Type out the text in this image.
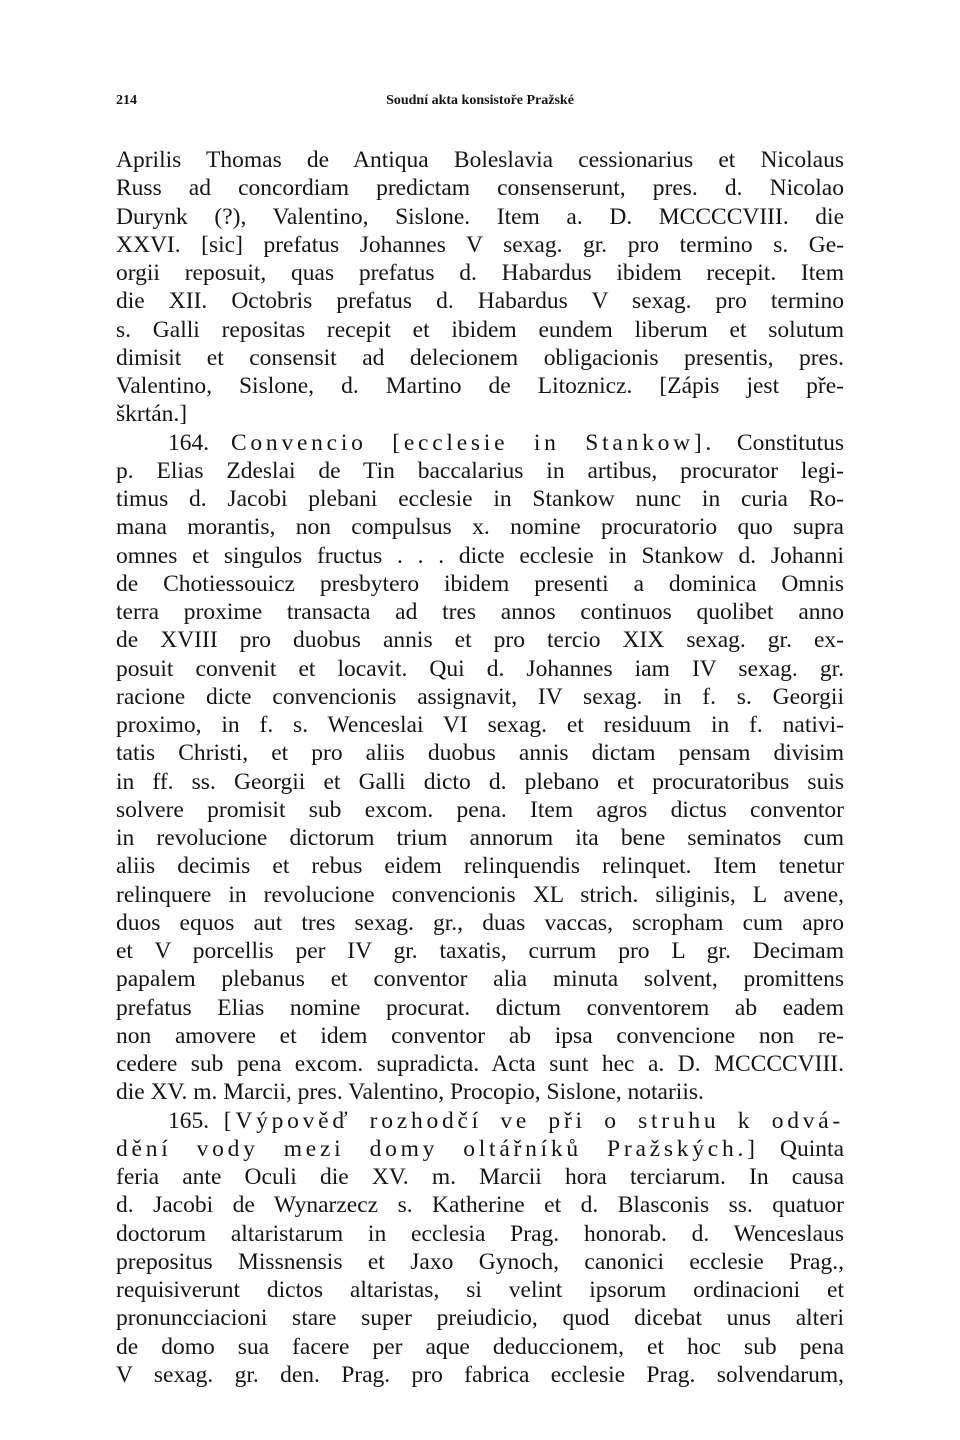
214	Soudní akta konsistoře Pražské
Aprilis Thomas de Antiqua Boleslavia cessionarius et Nicolaus
Russ ad concordiam predictam consenserunt, pres. d. Nicolao
Durynk (?), Valentino, Sislone. Item a. D. MCCCCVIII. die
XXVI. [sic] prefatus Johannes V sexag. gr. pro termino s. Ge-
orgii reposuit, quas prefatus d. Habardus ibidem recepit. Item
die XII. Octobris prefatus d. Habardus V sexag. pro termino
s. Galli repositas recepit et ibidem eundem liberum et solutum
dimisit et consensit ad delecionem obligacionis presentis, pres.
Valentino, Sislone, d. Martino de Litoznicz. [Zápis jest pře-
škrtán.]
164. Convencio [ecclesie in Stankow]. Constitutus
p. Elias Zdeslai de Tin baccalarius in artibus, procurator legi-
timus d. Jacobi plebani ecclesie in Stankow nunc in curia Ro-
mana morantis, non compulsus x. nomine procuratorio quo supra
omnes et singulos fructus . . . dicte ecclesie in Stankow d. Johanni
de Chotiessouicz presbytero ibidem presenti a dominica Omnis
terra proxime transacta ad tres annos continuos quolibet anno
de XVIII pro duobus annis et pro tercio XIX sexag. gr. ex-
posuit convenit et locavit. Qui d. Johannes iam IV sexag. gr.
racione dicte convencionis assignavit, IV sexag. in f. s. Georgii
proximo, in f. s. Wenceslai VI sexag. et residuum in f. nativi-
tatis Christi, et pro aliis duobus annis dictam pensam divisim
in ff. ss. Georgii et Galli dicto d. plebano et procuratoribus suis
solvere promisit sub excom. pena. Item agros dictus conventor
in revolucione dictorum trium annorum ita bene seminatos cum
aliis decimis et rebus eidem relinquendis relinquet. Item tenetur
relinquere in revolucione convencionis XL strich. siliginis, L avene,
duos equos aut tres sexag. gr., duas vaccas, scropham cum apro
et V porcellis per IV gr. taxatis, currum pro L gr. Decimam
papalem plebanus et conventor alia minuta solvent, promittens
prefatus Elias nomine procurat. dictum conventorem ab eadem
non amovere et idem conventor ab ipsa convencione non re-
cedere sub pena excom. supradicta. Acta sunt hec a. D. MCCCCVIII.
die XV. m. Marcii, pres. Valentino, Procopio, Sislone, notariis.
165. [Výpověď rozhodčí ve při o struhu k odvá-
dění vody mezi domy oltářníků Pražských.] Quinta
feria ante Oculi die XV. m. Marcii hora terciarum. In causa
d. Jacobi de Wynarzecz s. Katherine et d. Blasconis ss. quatuor
doctorum altaristarum in ecclesia Prag. honorab. d. Wenceslaus
prepositus Missnensis et Jaxo Gynoch, canonici ecclesie Prag.,
requisiverunt dictos altaristas, si velint ipsorum ordinacioni et
pronuncciacioni stare super preiudicio, quod dicebat unus alteri
de domo sua facere per aque deduccionem, et hoc sub pena
V sexag. gr. den. Prag. pro fabrica ecclesie Prag. solvendarum,
